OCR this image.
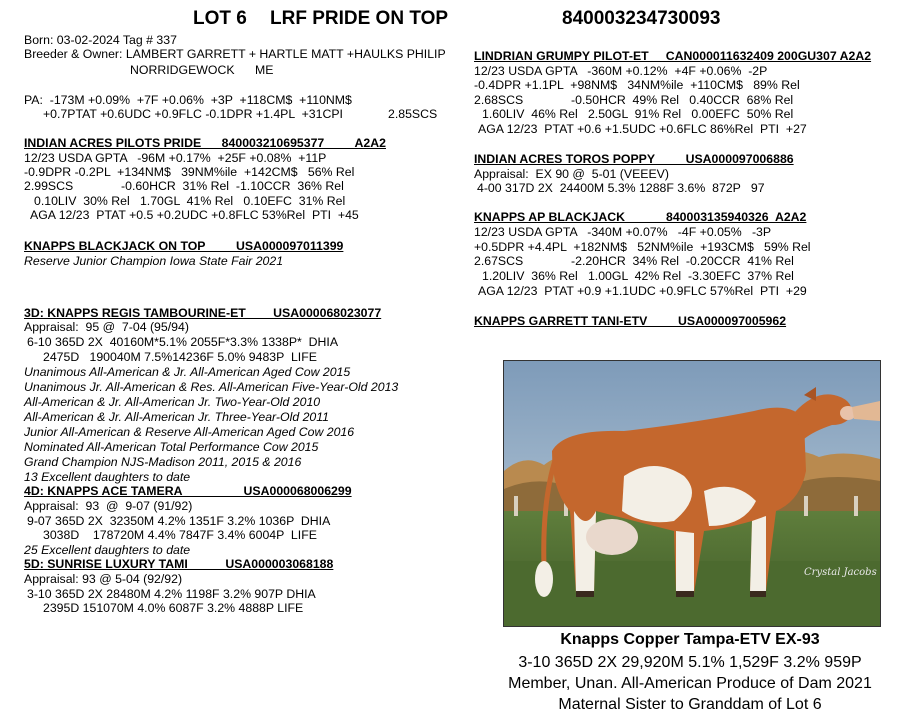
LOT 6 LRF PRIDE ON TOP	840003234730093
Born: 03-02-2024 Tag # 337
Breeder & Owner: LAMBERT GARRETT + HARTLE MATT +HAULKS PHILIP
NORRIDGEWOCK      ME
PA:  -173M +0.09%  +7F +0.06%  +3P  +118CM$  +110NM$
+0.7PTAT +0.6UDC +0.9FLC -0.1DPR +1.4PL  +31CPI	2.85SCS
INDIAN ACRES PILOTS PRIDE      840003210695377         A2A2
12/23 USDA GPTA   -96M +0.17%  +25F +0.08%  +11P
-0.9DPR -0.2PL  +134NM$   39NM%ile  +142CM$   56% Rel
2.99SCS              -0.60HCR  31% Rel  -1.10CCR  36% Rel
0.10LIV  30% Rel   1.70GL  41% Rel   0.10EFC  31% Rel
AGA 12/23  PTAT +0.5 +0.2UDC +0.8FLC 53%Rel  PTI  +45
KNAPPS BLACKJACK ON TOP         USA000097011399
Reserve Junior Champion Iowa State Fair 2021
3D: KNAPPS REGIS TAMBOURINE-ET        USA000068023077
Appraisal:  95 @  7-04 (95/94)
6-10 365D 2X  40160M*5.1% 2055F*3.3% 1338P*  DHIA
2475D   190040M 7.5%14236F 5.0% 9483P  LIFE
Unanimous All-American & Jr. All-American Aged Cow 2015
Unanimous Jr. All-American & Res. All-American Five-Year-Old 2013
All-American & Jr. All-American Jr. Two-Year-Old 2010
All-American & Jr. All-American Jr. Three-Year-Old 2011
Junior All-American & Reserve All-American Aged Cow 2016
Nominated All-American Total Performance Cow 2015
Grand Champion NJS-Madison 2011, 2015 & 2016
13 Excellent daughters to date
4D: KNAPPS ACE TAMERA                  USA000068006299
Appraisal:  93  @  9-07 (91/92)
9-07 365D 2X  32350M 4.2% 1351F 3.2% 1036P  DHIA
3038D    178720M 4.4% 7847F 3.4% 6004P  LIFE
25 Excellent daughters to date
5D: SUNRISE LUXURY TAMI           USA000003068188
Appraisal: 93 @ 5-04 (92/92)
3-10 365D 2X 28480M 4.2% 1198F 3.2% 907P DHIA
2395D 151070M 4.0% 6087F 3.2% 4888P LIFE
LINDRIAN GRUMPY PILOT-ET     CAN000011632409 200GU307 A2A2
12/23 USDA GPTA   -360M +0.12%  +4F +0.06%  -2P
-0.4DPR +1.1PL  +98NM$   34NM%ile  +110CM$   89% Rel
2.68SCS              -0.50HCR  49% Rel   0.40CCR  68% Rel
1.60LIV  46% Rel   2.50GL  91% Rel   0.00EFC  50% Rel
AGA 12/23  PTAT +0.6 +1.5UDC +0.6FLC 86%Rel  PTI  +27
INDIAN ACRES TOROS POPPY         USA000097006886
Appraisal:  EX 90 @  5-01 (VEEEV)
4-00 317D 2X  24400M 5.3% 1288F 3.6%  872P   97
KNAPPS AP BLACKJACK            840003135940326  A2A2
12/23 USDA GPTA   -340M +0.07%   -4F +0.05%   -3P
+0.5DPR +4.4PL  +182NM$   52NM%ile  +193CM$   59% Rel
2.67SCS              -2.20HCR  34% Rel  -0.20CCR  41% Rel
1.20LIV  36% Rel   1.00GL  42% Rel  -3.30EFC  37% Rel
AGA 12/23  PTAT +0.9 +1.1UDC +0.9FLC 57%Rel  PTI  +29
KNAPPS GARRETT TANI-ETV         USA000097005962
Crystal Jacobs
Knapps Copper Tampa-ETV EX-93
3-10 365D 2X 29,920M 5.1% 1,529F 3.2% 959P
Member, Unan. All-American Produce of Dam 2021
Maternal Sister to Granddam of Lot 6
